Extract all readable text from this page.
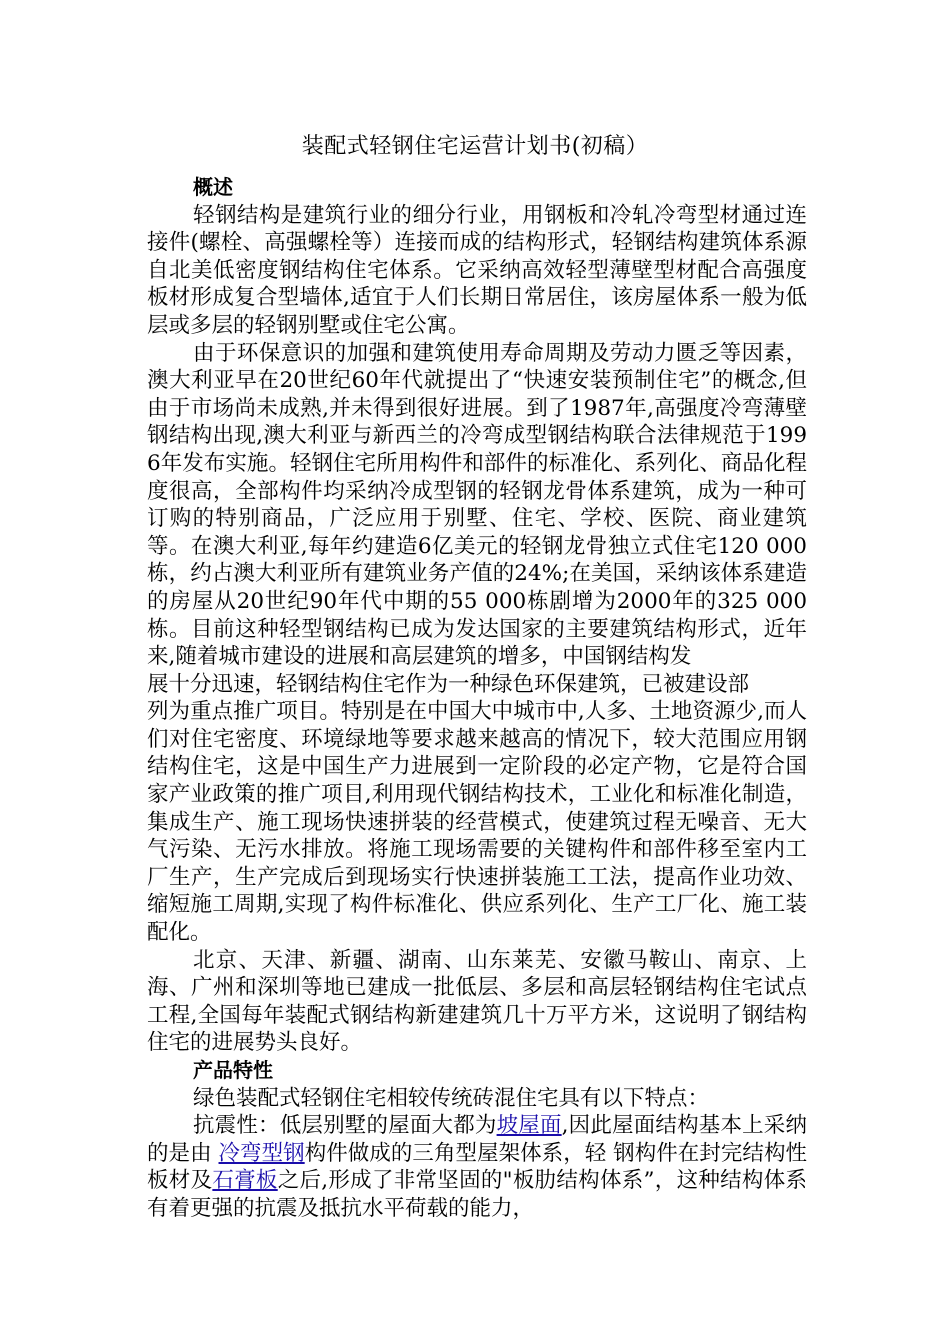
装配式轻钢住宅运营计划书(初稿）
概述

轻钢结构是建筑行业的细分行业，用钢板和冷轧冷弯型材通过连接件(螺栓、高强螺栓等）连接而成的结构形式，轻钢结构建筑体系源自北美低密度钢结构住宅体系。它采纳高效轻型薄壁型材配合高强度板材形成复合型墙体,适宜于人们长期日常居住，该房屋体系一般为低层或多层的轻钢别墅或住宅公寓。

由于环保意识的加强和建筑使用寿命周期及劳动力匮乏等因素，澳大利亚早在20世纪60年代就提出了“快速安装预制住宅”的概念,但由于市场尚未成熟,并未得到很好进展。到了1987年,高强度冷弯薄壁钢结构出现,澳大利亚与新西兰的冷弯成型钢结构联合法律规范于1996年发布实施。轻钢住宅所用构件和部件的标准化、系列化、商品化程度很高，全部构件均采纳冷成型钢的轻钢龙骨体系建筑，成为一种可订购的特别商品，广泛应用于别墅、住宅、学校、医院、商业建筑等。在澳大利亚,每年约建造6亿美元的轻钢龙骨独立式住宅120 000栋，约占澳大利亚所有建筑业务产值的24%;在美国，采纳该体系建造的房屋从20世纪90年代中期的55 000栋剧增为2000年的325 000栋。目前这种轻型钢结构已成为发达国家的主要建筑结构形式，近年来,随着城市建设的进展和高层建筑的增多，中国钢结构发

展十分迅速，轻钢结构住宅作为一种绿色环保建筑，已被建设部

列为重点推广项目。特别是在中国大中城市中,人多、土地资源少,而人们对住宅密度、环境绿地等要求越来越高的情况下，较大范围应用钢结构住宅，这是中国生产力进展到一定阶段的必定产物，它是符合国家产业政策的推广项目,利用现代钢结构技术，工业化和标准化制造，集成生产、施工现场快速拼装的经营模式，使建筑过程无噪音、无大气污染、无污水排放。将施工现场需要的关键构件和部件移至室内工厂生产，生产完成后到现场实行快速拼装施工工法，提高作业功效、缩短施工周期,实现了构件标准化、供应系列化、生产工厂化、施工装配化。

北京、天津、新疆、湖南、山东莱芜、安徽马鞍山、南京、上海、广州和深圳等地已建成一批低层、多层和高层轻钢结构住宅试点工程,全国每年装配式钢结构新建建筑几十万平方米，这说明了钢结构住宅的进展势头良好。

产品特性

绿色装配式轻钢住宅相较传统砖混住宅具有以下特点：

抗震性：低层别墅的屋面大都为坡屋面,因此屋面结构基本上采纳的是由 冷弯型钢构件做成的三角型屋架体系，轻 钢构件在封完结构性板材及石膏板之后,形成了非常坚固的"板肋结构体系”，这种结构体系有着更强的抗震及抵抗水平荷载的能力，
